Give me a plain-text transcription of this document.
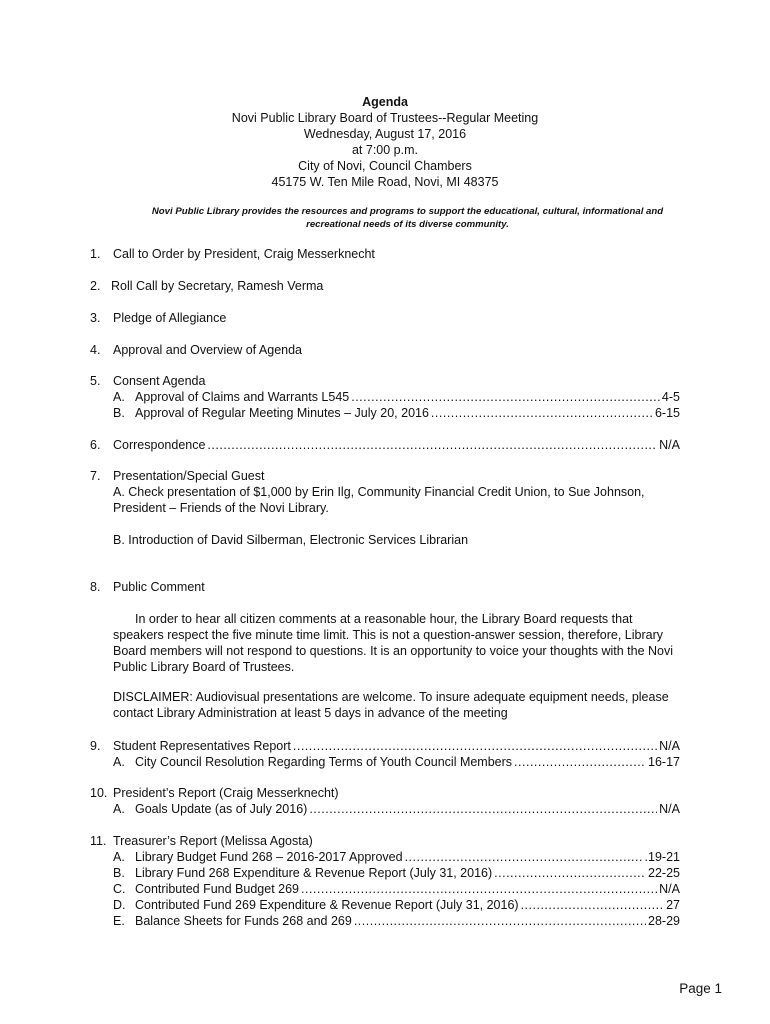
Agenda
Novi Public Library Board of Trustees--Regular Meeting
Wednesday, August 17, 2016
at 7:00 p.m.
City of Novi, Council Chambers
45175 W. Ten Mile Road, Novi, MI 48375
Novi Public Library provides the resources and programs to support the educational, cultural, informational and recreational needs of its diverse community.
1. Call to Order by President, Craig Messerknecht
2. Roll Call by Secretary, Ramesh Verma
3. Pledge of Allegiance
4. Approval and Overview of Agenda
5. Consent Agenda
A. Approval of Claims and Warrants L545 .....	4-5
B. Approval of Regular Meeting Minutes – July 20, 2016 .....	6-15
6. Correspondence .....	N/A
7. Presentation/Special Guest
A. Check presentation of $1,000 by Erin Ilg, Community Financial Credit Union, to Sue Johnson, President – Friends of the Novi Library.
B. Introduction of David Silberman, Electronic Services Librarian
8. Public Comment
In order to hear all citizen comments at a reasonable hour, the Library Board requests that speakers respect the five minute time limit. This is not a question-answer session, therefore, Library Board members will not respond to questions. It is an opportunity to voice your thoughts with the Novi Public Library Board of Trustees.
DISCLAIMER: Audiovisual presentations are welcome. To insure adequate equipment needs, please contact Library Administration at least 5 days in advance of the meeting
9. Student Representatives Report .....	N/A
A. City Council Resolution Regarding Terms of Youth Council Members .....	16-17
10. President’s Report (Craig Messerknecht)
A. Goals Update (as of July 2016) .....	N/A
11. Treasurer’s Report (Melissa Agosta)
A. Library Budget Fund 268 – 2016-2017 Approved .....	.19-21
B. Library Fund 268 Expenditure & Revenue Report (July 31, 2016) .....	22-25
C. Contributed Fund Budget 269 .....	N/A
D. Contributed Fund 269 Expenditure & Revenue Report (July 31, 2016) .....	27
E. Balance Sheets for Funds 268 and 269 .....	28-29
Page 1
